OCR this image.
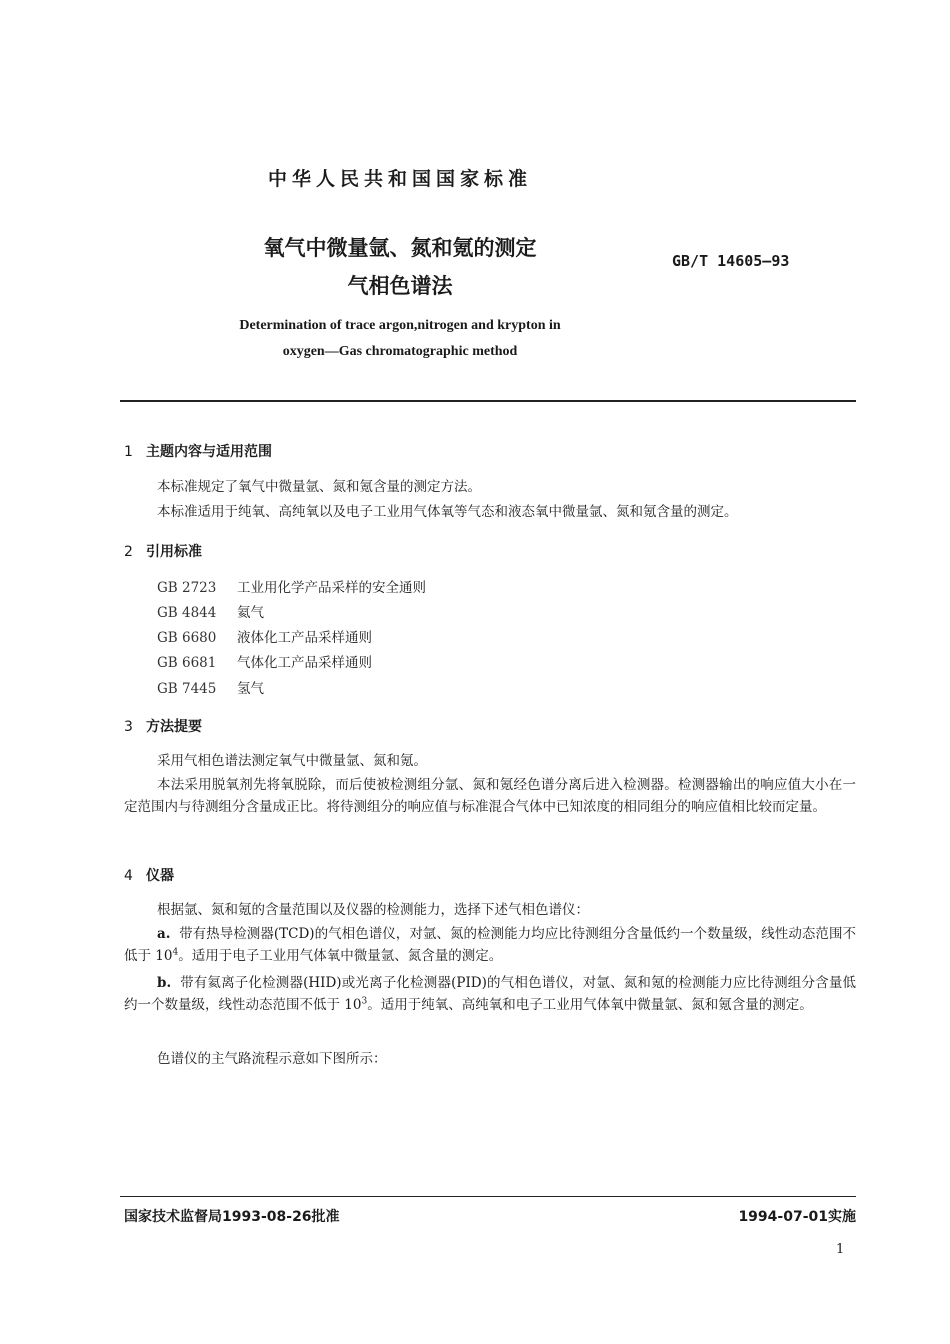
中华人民共和国国家标准
氧气中微量氩、氮和氪的测定
气相色谱法
GB/T 14605—93
Determination of trace argon,nitrogen and krypton in
oxygen—Gas chromatographic method
1 主题内容与适用范围
本标准规定了氧气中微量氩、氮和氪含量的测定方法。
本标准适用于纯氧、高纯氧以及电子工业用气体氧等气态和液态氧中微量氩、氮和氪含量的测定。
2 引用标准
GB 2723 工业用化学产品采样的安全通则
GB 4844 氦气
GB 6680 液体化工产品采样通则
GB 6681 气体化工产品采样通则
GB 7445 氢气
3 方法提要
采用气相色谱法测定氧气中微量氩、氮和氪。
本法采用脱氧剂先将氧脱除，而后使被检测组分氩、氮和氪经色谱分离后进入检测器。检测器输出的响应值大小在一定范围内与待测组分含量成正比。将待测组分的响应值与标准混合气体中已知浓度的相同组分的响应值相比较而定量。
4 仪器
根据氩、氮和氪的含量范围以及仪器的检测能力，选择下述气相色谱仪：
a. 带有热导检测器(TCD)的气相色谱仪，对氩、氮的检测能力均应比待测组分含量低约一个数量级，线性动态范围不低于 $10^4$。适用于电子工业用气体氧中微量氩、氮含量的测定。
b. 带有氦离子化检测器(HID)或光离子化检测器(PID)的气相色谱仪，对氩、氮和氪的检测能力应比待测组分含量低约一个数量级，线性动态范围不低于 $10^3$。适用于纯氧、高纯氧和电子工业用气体氧中微量氩、氮和氪含量的测定。
色谱仪的主气路流程示意如下图所示：
国家技术监督局1993-08-26批准	1994-07-01实施
1
